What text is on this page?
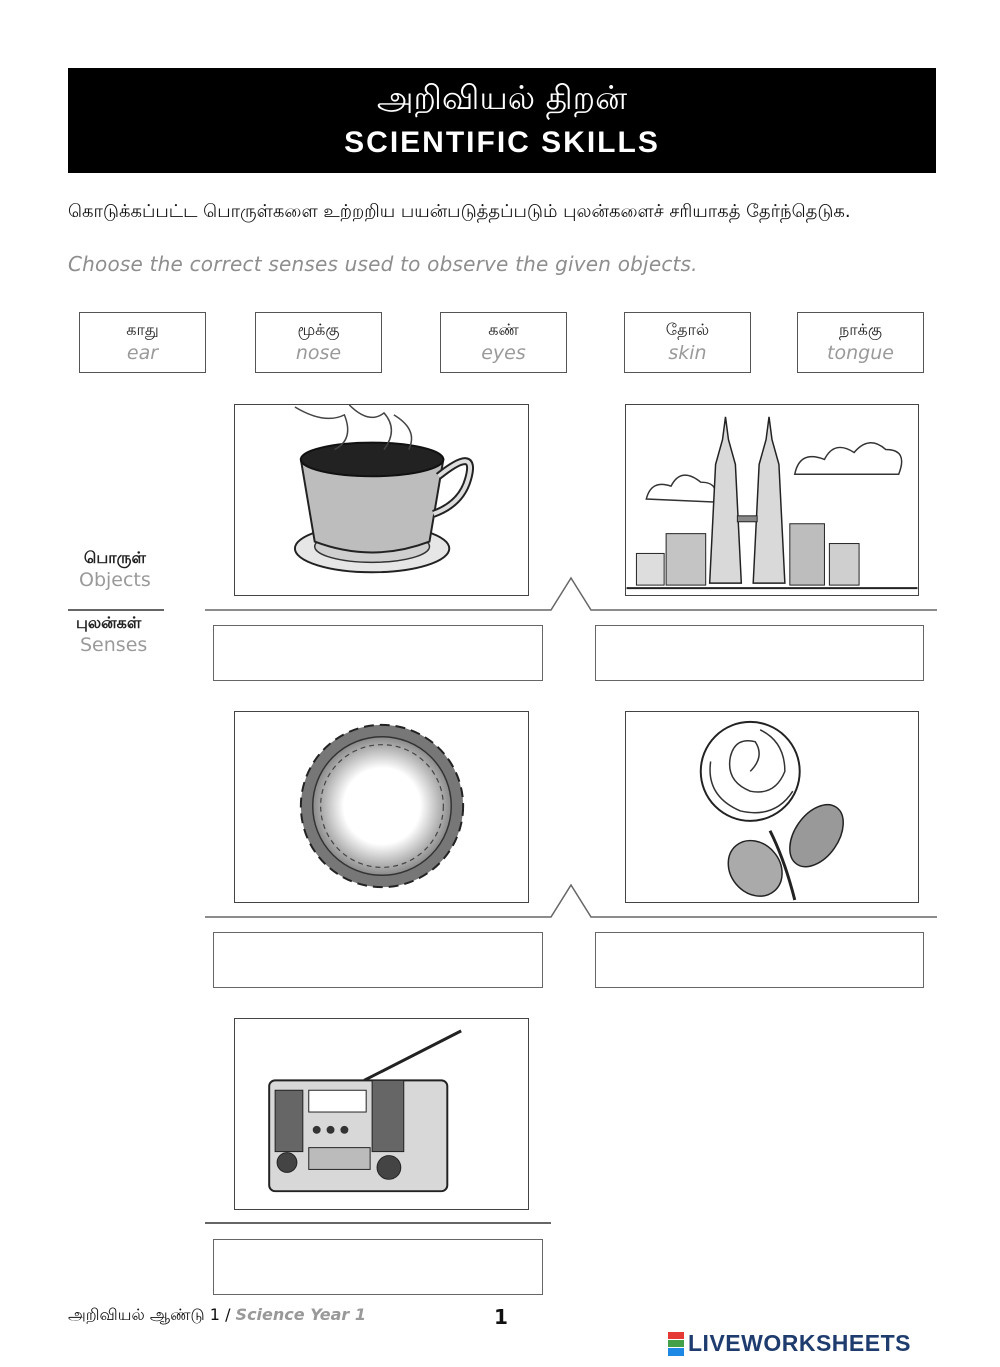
அறிவியல் திறன்
SCIENTIFIC SKILLS
கொடுக்கப்பட்ட பொருள்களை உற்றறிய பயன்படுத்தப்படும் புலன்களைச் சரியாகத் தேர்ந்தெடுக.
Choose the correct senses used to observe the given objects.
காது
ear
மூக்கு
nose
கண்
eyes
தோல்
skin
நாக்கு
tongue
பொருள்
Objects
புலன்கள்
Senses
அறிவியல் ஆண்டு 1 / Science Year 1	1
LIVEWORKSHEETS
